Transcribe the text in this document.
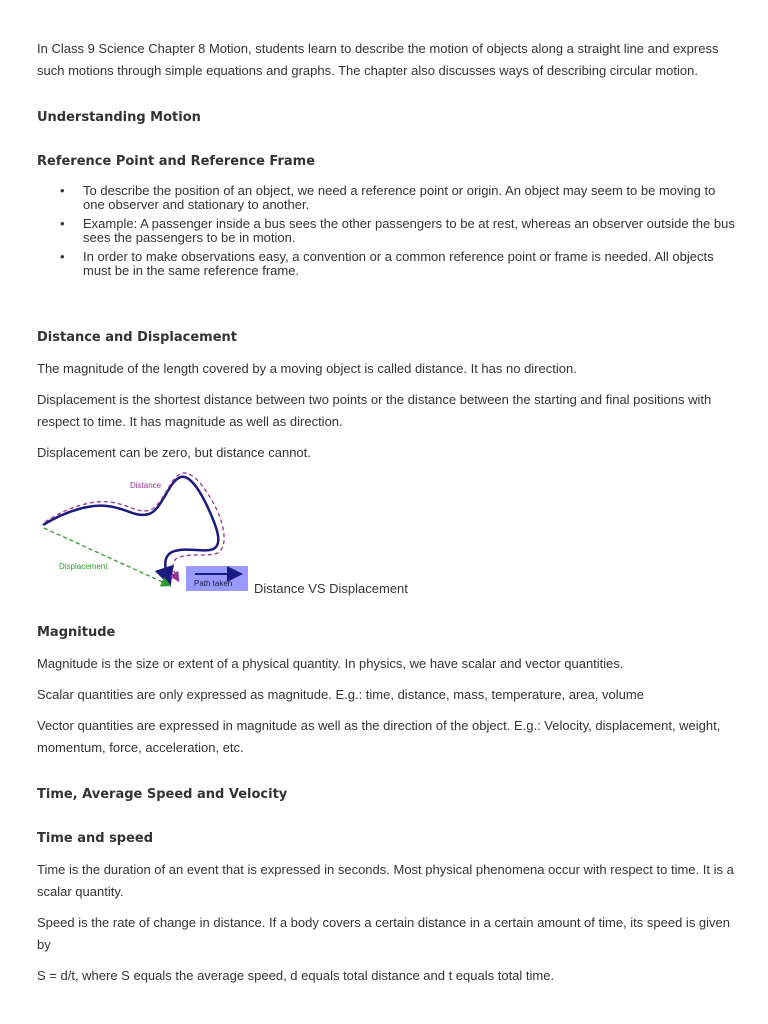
In Class 9 Science Chapter 8 Motion, students learn to describe the motion of objects along a straight line and express such motions through simple equations and graphs. The chapter also discusses ways of describing circular motion.

Understanding Motion
Reference Point and Reference Frame
• To describe the position of an object, we need a reference point or origin. An object may seem to be moving to one observer and stationary to another.
• Example: A passenger inside a bus sees the other passengers to be at rest, whereas an observer outside the bus sees the passengers to be in motion.
• In order to make observations easy, a convention or a common reference point or frame is needed. All objects must be in the same reference frame.
Distance and Displacement

The magnitude of the length covered by a moving object is called distance. It has no direction.

Displacement is the shortest distance between two points or the distance between the starting and final positions with respect to time. It has magnitude as well as direction.

Displacement can be zero, but distance cannot.

Path taken
Distance
Displacement

Distance VS Displacement

Magnitude

Magnitude is the size or extent of a physical quantity. In physics, we have scalar and vector quantities.

Scalar quantities are only expressed as magnitude. E.g.: time, distance, mass, temperature, area, volume

Vector quantities are expressed in magnitude as well as the direction of the object. E.g.: Velocity, displacement, weight, momentum, force, acceleration, etc.

Time, Average Speed and Velocity
Time and speed

Time is the duration of an event that is expressed in seconds. Most physical phenomena occur with respect to time. It is a scalar quantity.

Speed is the rate of change in distance. If a body covers a certain distance in a certain amount of time, its speed is given by

S = d/t, where S equals the average speed, d equals total distance and t equals total time.
